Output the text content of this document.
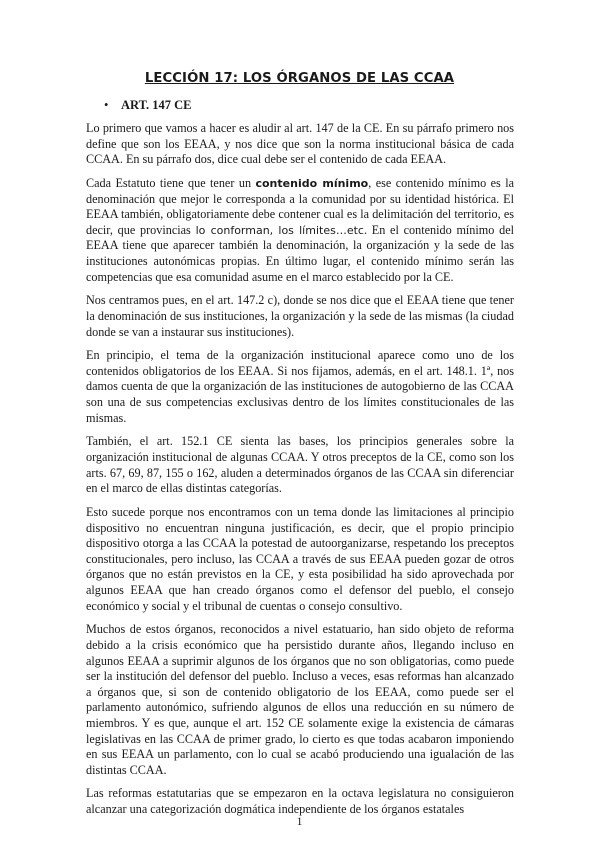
LECCIÓN 17: LOS ÓRGANOS DE LAS CCAA
• ART. 147 CE

Lo primero que vamos a hacer es aludir al art. 147 de la CE. En su párrafo primero nos define que son los EEAA, y nos dice que son la norma institucional básica de cada CCAA. En su párrafo dos, dice cual debe ser el contenido de cada EEAA.

Cada Estatuto tiene que tener un contenido mínimo, ese contenido mínimo es la denominación que mejor le corresponda a la comunidad por su identidad histórica. El EEAA también, obligatoriamente debe contener cual es la delimitación del territorio, es decir, que provincias lo conforman, los límites…etc. En el contenido mínimo del EEAA tiene que aparecer también la denominación, la organización y la sede de las instituciones autonómicas propias. En último lugar, el contenido mínimo serán las competencias que esa comunidad asume en el marco establecido por la CE.

Nos centramos pues, en el art. 147.2 c), donde se nos dice que el EEAA tiene que tener la denominación de sus instituciones, la organización y la sede de las mismas (la ciudad donde se van a instaurar sus instituciones).

En principio, el tema de la organización institucional aparece como uno de los contenidos obligatorios de los EEAA. Si nos fijamos, además, en el art. 148.1. 1ª, nos damos cuenta de que la organización de las instituciones de autogobierno de las CCAA son una de sus competencias exclusivas dentro de los límites constitucionales de las mismas.

También, el art. 152.1 CE sienta las bases, los principios generales sobre la organización institucional de algunas CCAA. Y otros preceptos de la CE, como son los arts. 67, 69, 87, 155 o 162, aluden a determinados órganos de las CCAA sin diferenciar en el marco de ellas distintas categorías.

Esto sucede porque nos encontramos con un tema donde las limitaciones al principio dispositivo no encuentran ninguna justificación, es decir, que el propio principio dispositivo otorga a las CCAA la potestad de autoorganizarse, respetando los preceptos constitucionales, pero incluso, las CCAA a través de sus EEAA pueden gozar de otros órganos que no están previstos en la CE, y esta posibilidad ha sido aprovechada por algunos EEAA que han creado órganos como el defensor del pueblo, el consejo económico y social y el tribunal de cuentas o consejo consultivo.

Muchos de estos órganos, reconocidos a nivel estatuario, han sido objeto de reforma debido a la crisis económico que ha persistido durante años, llegando incluso en algunos EEAA a suprimir algunos de los órganos que no son obligatorias, como puede ser la institución del defensor del pueblo. Incluso a veces, esas reformas han alcanzado a órganos que, si son de contenido obligatorio de los EEAA, como puede ser el parlamento autonómico, sufriendo algunos de ellos una reducción en su número de miembros. Y es que, aunque el art. 152 CE solamente exige la existencia de cámaras legislativas en las CCAA de primer grado, lo cierto es que todas acabaron imponiendo en sus EEAA un parlamento, con lo cual se acabó produciendo una igualación de las distintas CCAA.

Las reformas estatutarias que se empezaron en la octava legislatura no consiguieron alcanzar una categorización dogmática independiente de los órganos estatales

1
